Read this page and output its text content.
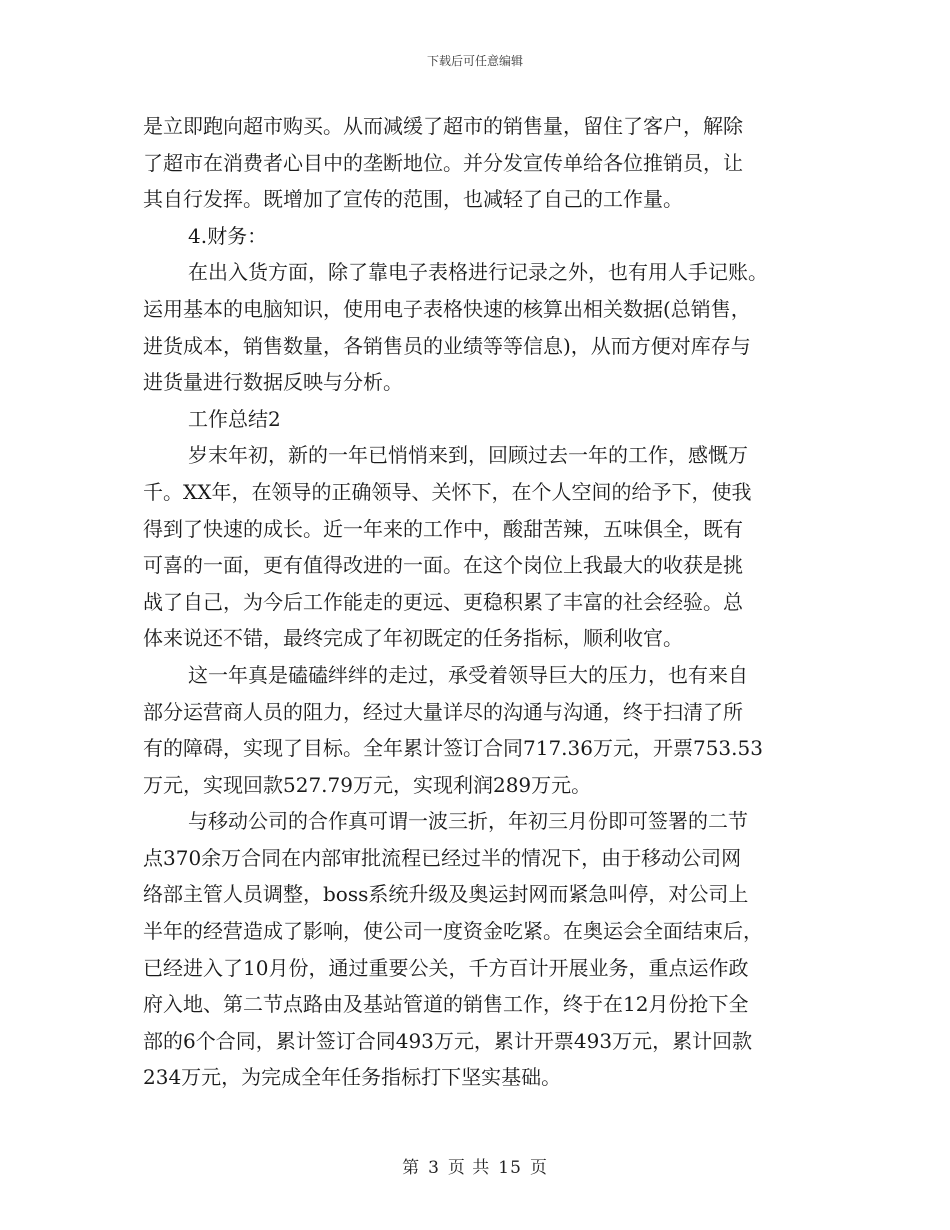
下载后可任意编辑
是立即跑向超市购买。从而减缓了超市的销售量，留住了客户，解除
了超市在消费者心目中的垄断地位。并分发宣传单给各位推销员，让
其自行发挥。既增加了宣传的范围，也减轻了自己的工作量。
4.财务：
在出入货方面，除了靠电子表格进行记录之外，也有用人手记账。
运用基本的电脑知识，使用电子表格快速的核算出相关数据(总销售，
进货成本，销售数量，各销售员的业绩等等信息)，从而方便对库存与
进货量进行数据反映与分析。
工作总结2
岁末年初，新的一年已悄悄来到，回顾过去一年的工作，感慨万
千。XX年，在领导的正确领导、关怀下，在个人空间的给予下，使我
得到了快速的成长。近一年来的工作中，酸甜苦辣，五味俱全，既有
可喜的一面，更有值得改进的一面。在这个岗位上我最大的收获是挑
战了自己，为今后工作能走的更远、更稳积累了丰富的社会经验。总
体来说还不错，最终完成了年初既定的任务指标，顺利收官。
这一年真是磕磕绊绊的走过，承受着领导巨大的压力，也有来自
部分运营商人员的阻力，经过大量详尽的沟通与沟通，终于扫清了所
有的障碍，实现了目标。全年累计签订合同717.36万元，开票753.53
万元，实现回款527.79万元，实现利润289万元。
与移动公司的合作真可谓一波三折，年初三月份即可签署的二节
点370余万合同在内部审批流程已经过半的情况下，由于移动公司网
络部主管人员调整，boss系统升级及奥运封网而紧急叫停，对公司上
半年的经营造成了影响，使公司一度资金吃紧。在奥运会全面结束后，
已经进入了10月份，通过重要公关，千方百计开展业务，重点运作政
府入地、第二节点路由及基站管道的销售工作，终于在12月份抢下全
部的6个合同，累计签订合同493万元，累计开票493万元，累计回款
234万元，为完成全年任务指标打下坚实基础。
第 3 页 共 15 页
